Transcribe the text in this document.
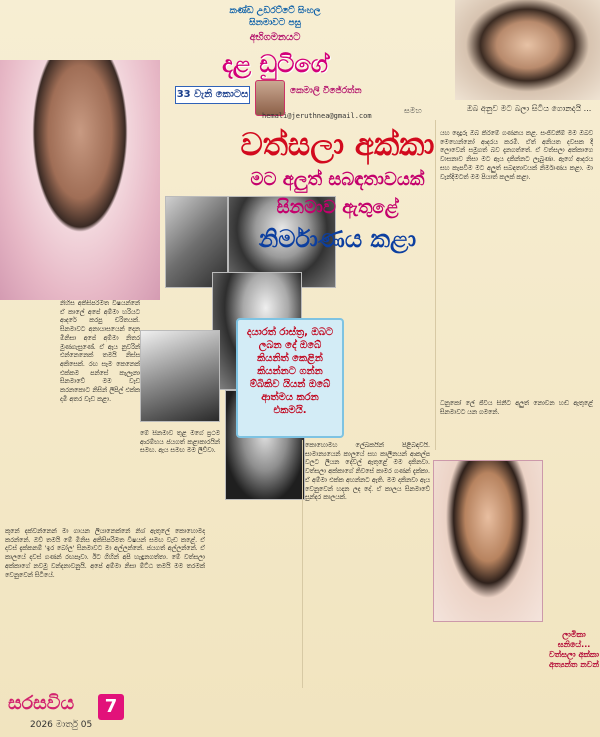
කණ්ඩ උඩරට්ටේ සිංහල
සිනමාවට පසු
අභිගමනයට
දළ ඩුටිගේ
33 වැනි කොටස	කෙමාලි විජේරත්න
hemali@jeruthnea@gmail.com
සමහ
වත්සලා අක්කා
මට අලුත් සබඳතාවයක්
සිනමාව ඇතුළේ
නිර්මාණය කළා
දයාරත් රාස්ත්‍ර, ඔබට ලබන දේ ඔබේ කියනිත් කෙළින් කියන්නට ගන්න ම්බිකිව යියන් ඔබේ ආත්මය කරන එකමයි.
ඔබ අනුව මට බලා සිටිය ගොනදයි ...
ලාමිකා ඝනියේ... වත්සලා අක්කා අත්‍යන්ත නවන්
නිහිස අකිසිපරිමත විෂයන්නේ ඒ කාලේ අපේ අම්මා හරියට ආදරේ කරපු චරිතයක්. සිනමාවට අනායාසයෙන් දෙන මිනිසා අපේ අම්මා නිතර මුණගැසුණේ. ඒ ඇය නුවරින් එන්නෙනෙක් තමයි නිස්ස අකිසෙක්. රඟ සෑම කෙනෙක් එක්කම පන්සේ කැලෑනා සිනමාවේ මම වැඩ කරනකොට නිසින් ලිපිල් එක්ක දමි අතර වැඩ කළා.
කුනේ දක්වන්නෙන් මා ගායන ලියානෙක්නේ නිශ් ඇතුලේ කොහොමද කරන්නේ. ඔව් තමයි මේ මිනිස අකිසිපරිමත විෂයන් සමඟ වැඩ කළේ. ඒ දවස් දැක්කනම් 'ඉර බෝල' සිනමාවට මා අල්ලන්නේ. ජයගත් අල්ලන්නේ. ඒ කාලයේ දවස් ගණන් රඟපෑවා. ඊට ගිහින් අපි හැඳුනගත්තා. මේ වත්සලා අක්කාගේ නවමු වන්දනාවනුයි. අපේ අම්මා නිසා ම්ට්ඨ තමයි මම තරමක් වෙනුවෙන් සිටියේ.
කොහොමහ ලේඛකයින් පිළිබඳවයි. සාමාන්‍යයෙන් කාලයේ සහ කාලීනයන් ආකල්ප වලට ලියන දේවල් ඇතුළේ මම දකිනවා. වත්සලා අක්කාගේ නිවසේ කාමර ගණන් දැක්කා. ඒ අම්මා එක්ක අහන්නට ඇති. මම දකිනවා ඇය වෙනුවෙන් හදන ලද දේ. ඒ කාලය සිනමාවේ සුන්දර කාලයක්.
යහ දෙදුරු ඔබ කිරිමේ ගණනය කළ. සංජීවනීම් මම ඔබව මෙහෙන්නෝ ආදරය කරමි. ඒත් අනියත දවසක දී ලොවෙන් සමුගත් බව දැනගත්තේ. ඒ වත්සලා අක්කාගෙ වාසනාව නිසා මට ඇය දකින්නට ලැබුණා. ඇගේ ආදරය සහ කැපවීම මට අලුත් සබඳතාවයක් නිර්මාණය කළා. මා වැන්දිමටත් මම පියාත් කලක් කළා.
ධනුකෝ ලේ ජීවිය සිනීට අලුත් නොවන හඬ ඇතුළේ සිනමාවට යන ගමනේ.
මේ සිනමාව තුළ මගේ ප්‍රථම ආරම්භය ජයගත් කළාකාරයින් සමඟ. ඇය සමඟ මම ලිව්වා.
සරසවිය	7
2026 මාර්තු 05
